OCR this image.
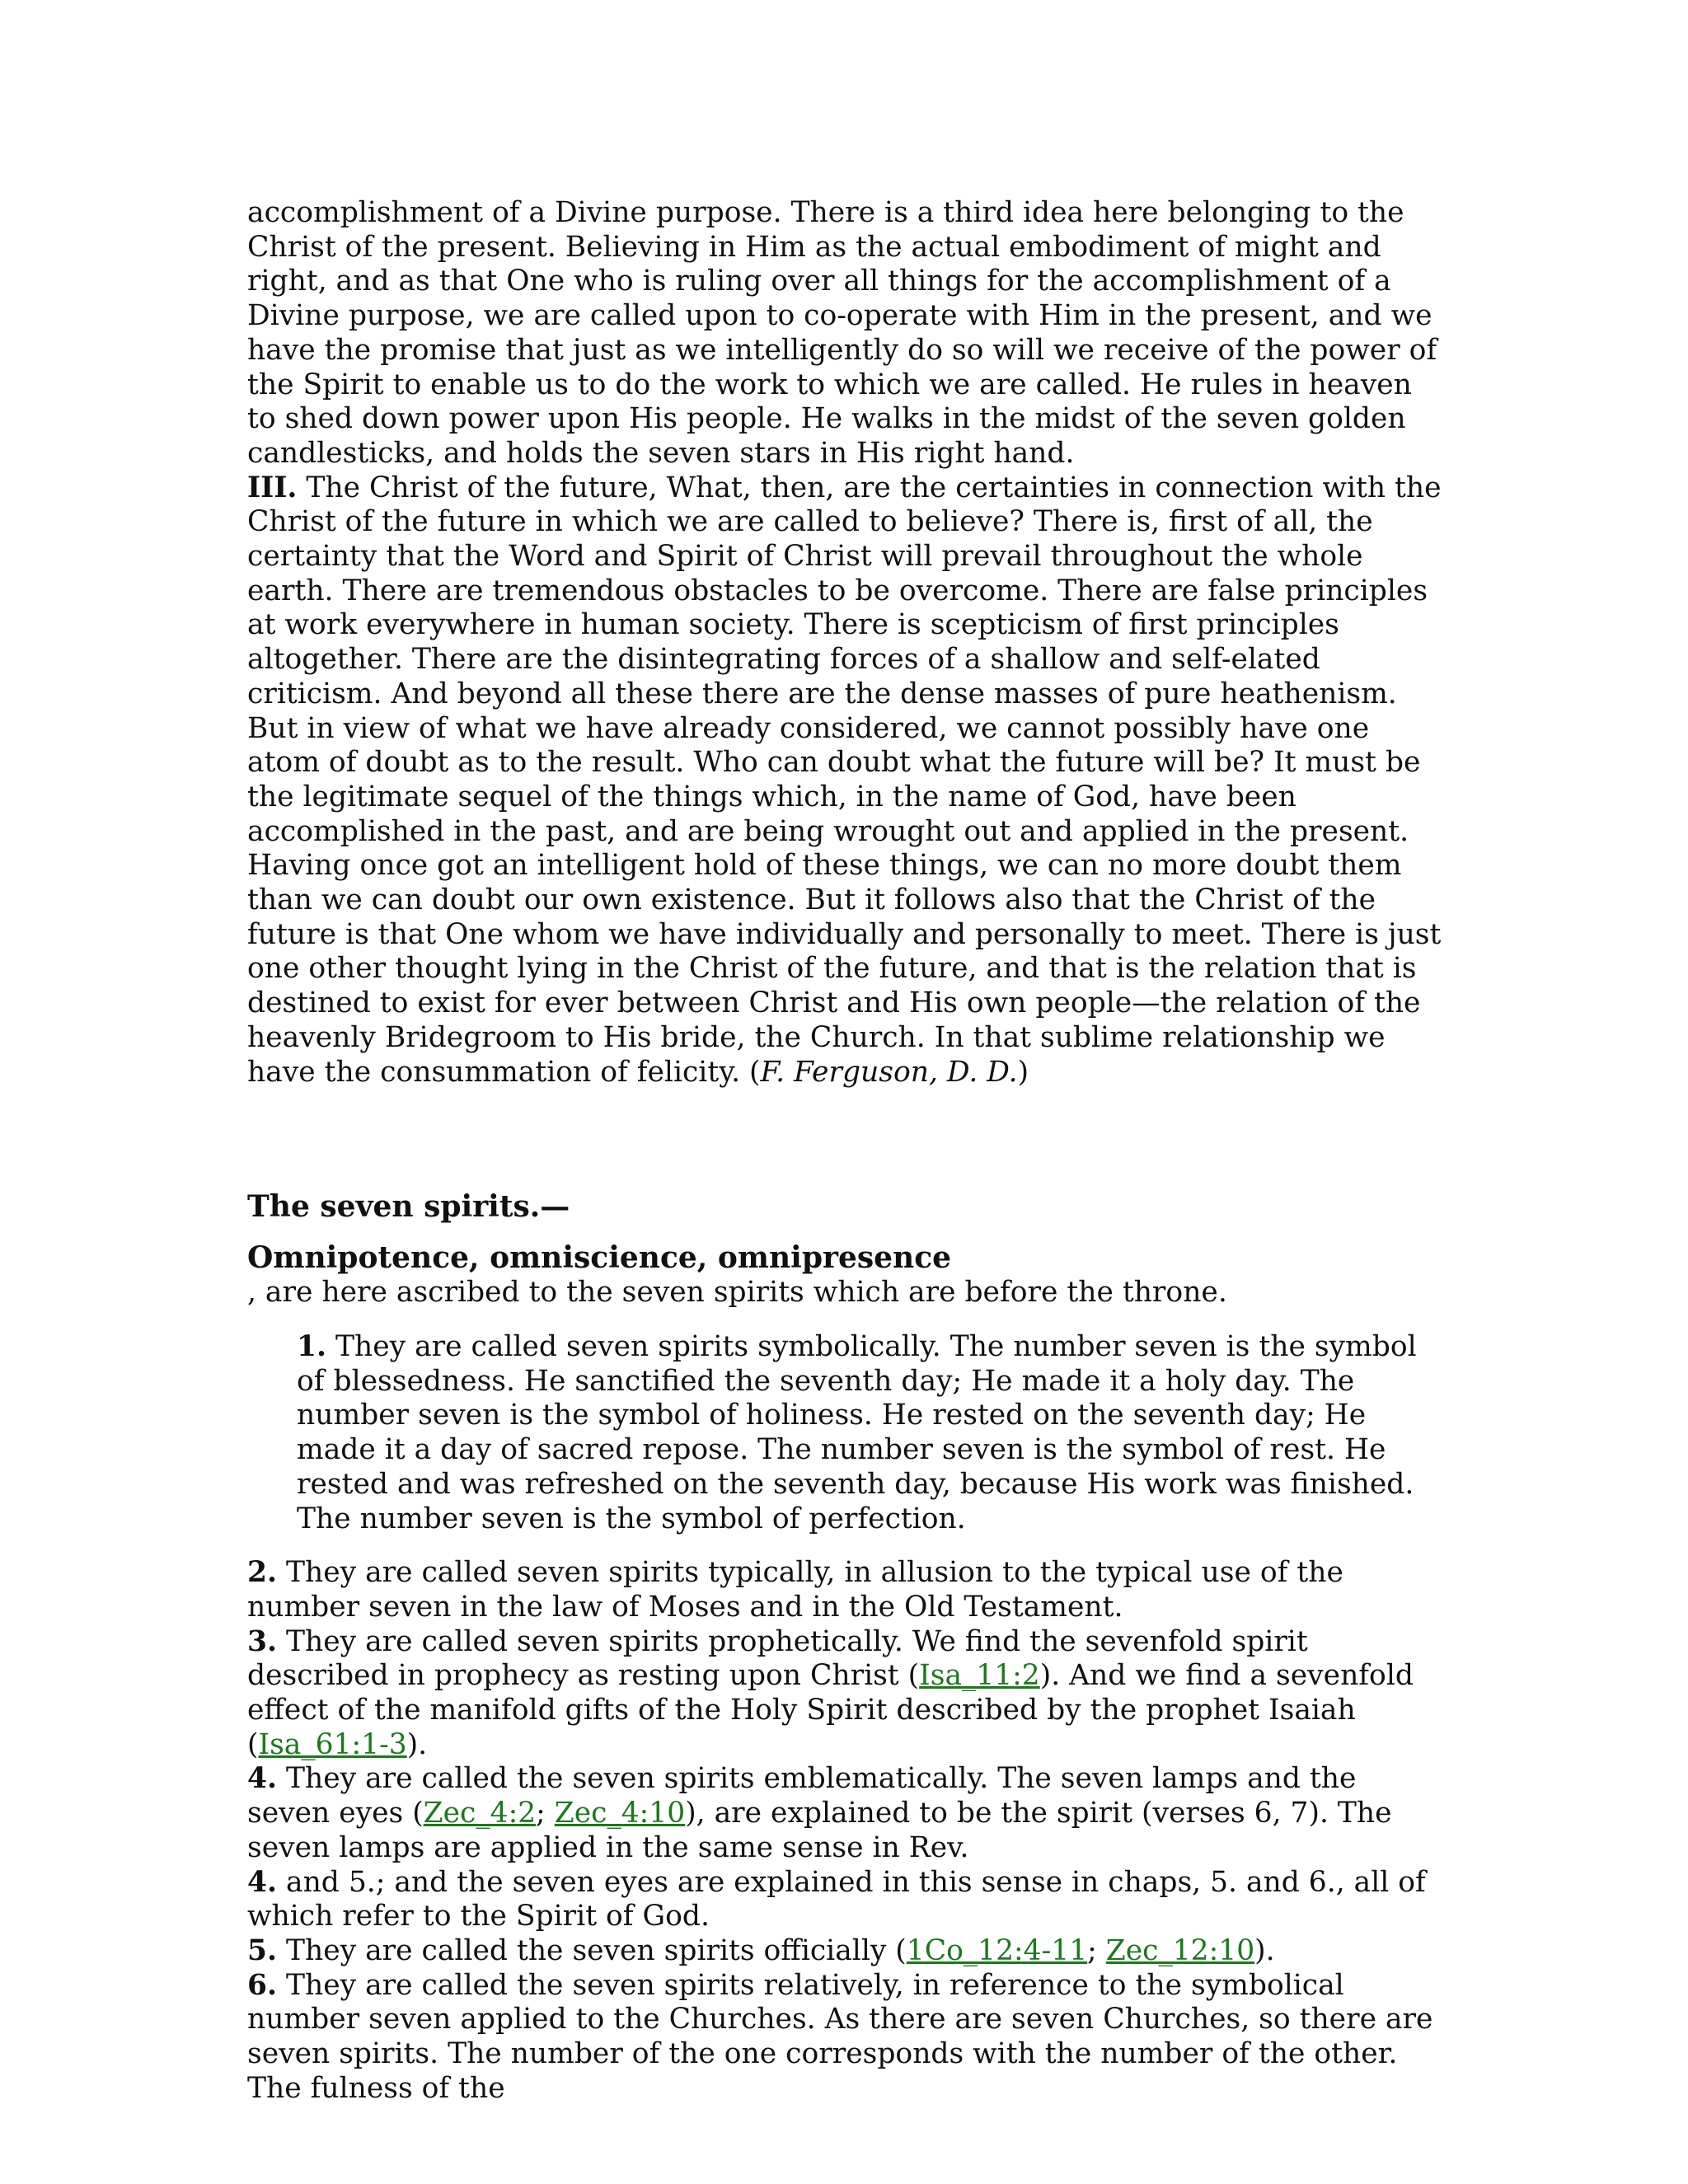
accomplishment of a Divine purpose. There is a third idea here belonging to the Christ of the present. Believing in Him as the actual embodiment of might and right, and as that One who is ruling over all things for the accomplishment of a Divine purpose, we are called upon to co-operate with Him in the present, and we have the promise that just as we intelligently do so will we receive of the power of the Spirit to enable us to do the work to which we are called. He rules in heaven to shed down power upon His people. He walks in the midst of the seven golden candlesticks, and holds the seven stars in His right hand.

III. The Christ of the future, What, then, are the certainties in connection with the Christ of the future in which we are called to believe? There is, first of all, the certainty that the Word and Spirit of Christ will prevail throughout the whole earth. There are tremendous obstacles to be overcome. There are false principles at work everywhere in human society. There is scepticism of first principles altogether. There are the disintegrating forces of a shallow and self-elated criticism. And beyond all these there are the dense masses of pure heathenism. But in view of what we have already considered, we cannot possibly have one atom of doubt as to the result. Who can doubt what the future will be? It must be the legitimate sequel of the things which, in the name of God, have been accomplished in the past, and are being wrought out and applied in the present. Having once got an intelligent hold of these things, we can no more doubt them than we can doubt our own existence. But it follows also that the Christ of the future is that One whom we have individually and personally to meet. There is just one other thought lying in the Christ of the future, and that is the relation that is destined to exist for ever between Christ and His own people—the relation of the heavenly Bridegroom to His bride, the Church. In that sublime relationship we have the consummation of felicity. (F. Ferguson, D. D.)

The seven spirits.—
Omnipotence, omniscience, omnipresence

, are here ascribed to the seven spirits which are before the throne.

1. They are called seven spirits symbolically. The number seven is the symbol of blessedness. He sanctified the seventh day; He made it a holy day. The number seven is the symbol of holiness. He rested on the seventh day; He made it a day of sacred repose. The number seven is the symbol of rest. He rested and was refreshed on the seventh day, because His work was finished. The number seven is the symbol of perfection.

2. They are called seven spirits typically, in allusion to the typical use of the number seven in the law of Moses and in the Old Testament.

3. They are called seven spirits prophetically. We find the sevenfold spirit described in prophecy as resting upon Christ (Isa_11:2). And we find a sevenfold effect of the manifold gifts of the Holy Spirit described by the prophet Isaiah (Isa_61:1-3).

4. They are called the seven spirits emblematically. The seven lamps and the seven eyes (Zec_4:2; Zec_4:10), are explained to be the spirit (verses 6, 7). The seven lamps are applied in the same sense in Rev.

4. and 5.; and the seven eyes are explained in this sense in chaps, 5. and 6., all of which refer to the Spirit of God.

5. They are called the seven spirits officially (1Co_12:4-11; Zec_12:10).

6. They are called the seven spirits relatively, in reference to the symbolical number seven applied to the Churches. As there are seven Churches, so there are seven spirits. The number of the one corresponds with the number of the other. The fulness of the
